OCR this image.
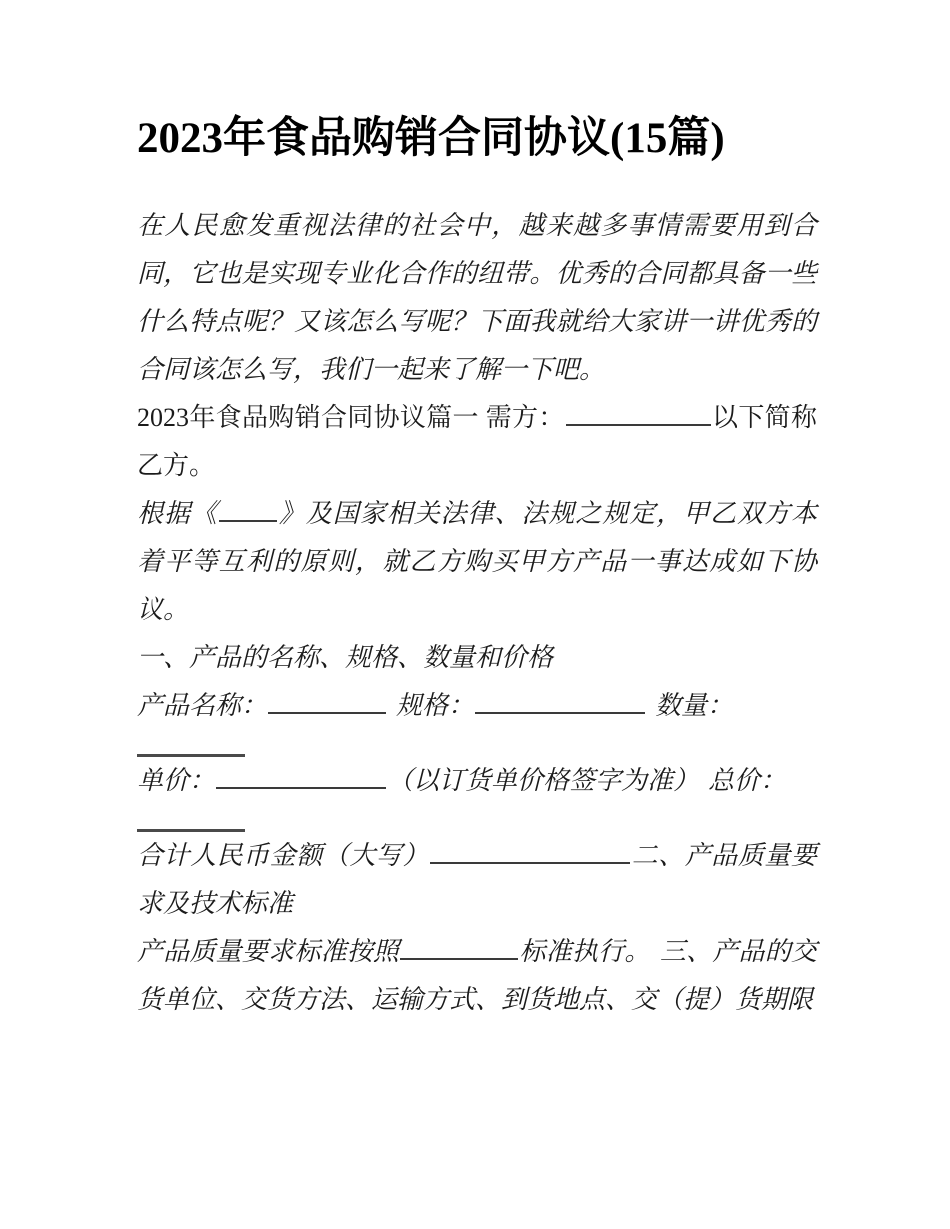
2023年食品购销合同协议(15篇)

在人民愈发重视法律的社会中，越来越多事情需要用到合同，它也是实现专业化合作的纽带。优秀的合同都具备一些什么特点呢？又该怎么写呢？下面我就给大家讲一讲优秀的合同该怎么写，我们一起来了解一下吧。

2023年食品购销合同协议篇一 需方：	以下简称乙方。

根据《 》及国家相关法律、法规之规定，甲乙双方本着平等互利的原则，就乙方购买甲方产品一事达成如下协议。

一、产品的名称、规格、数量和价格

产品名称：	规格：	数量：

单价：	（以订货单价格签字为准） 总价：

合计人民币金额（大写）	二、产品质量要求及技术标准

产品质量要求标准按照	标准执行。 三、产品的交货单位、交货方法、运输方式、到货地点、交（提）货期限
